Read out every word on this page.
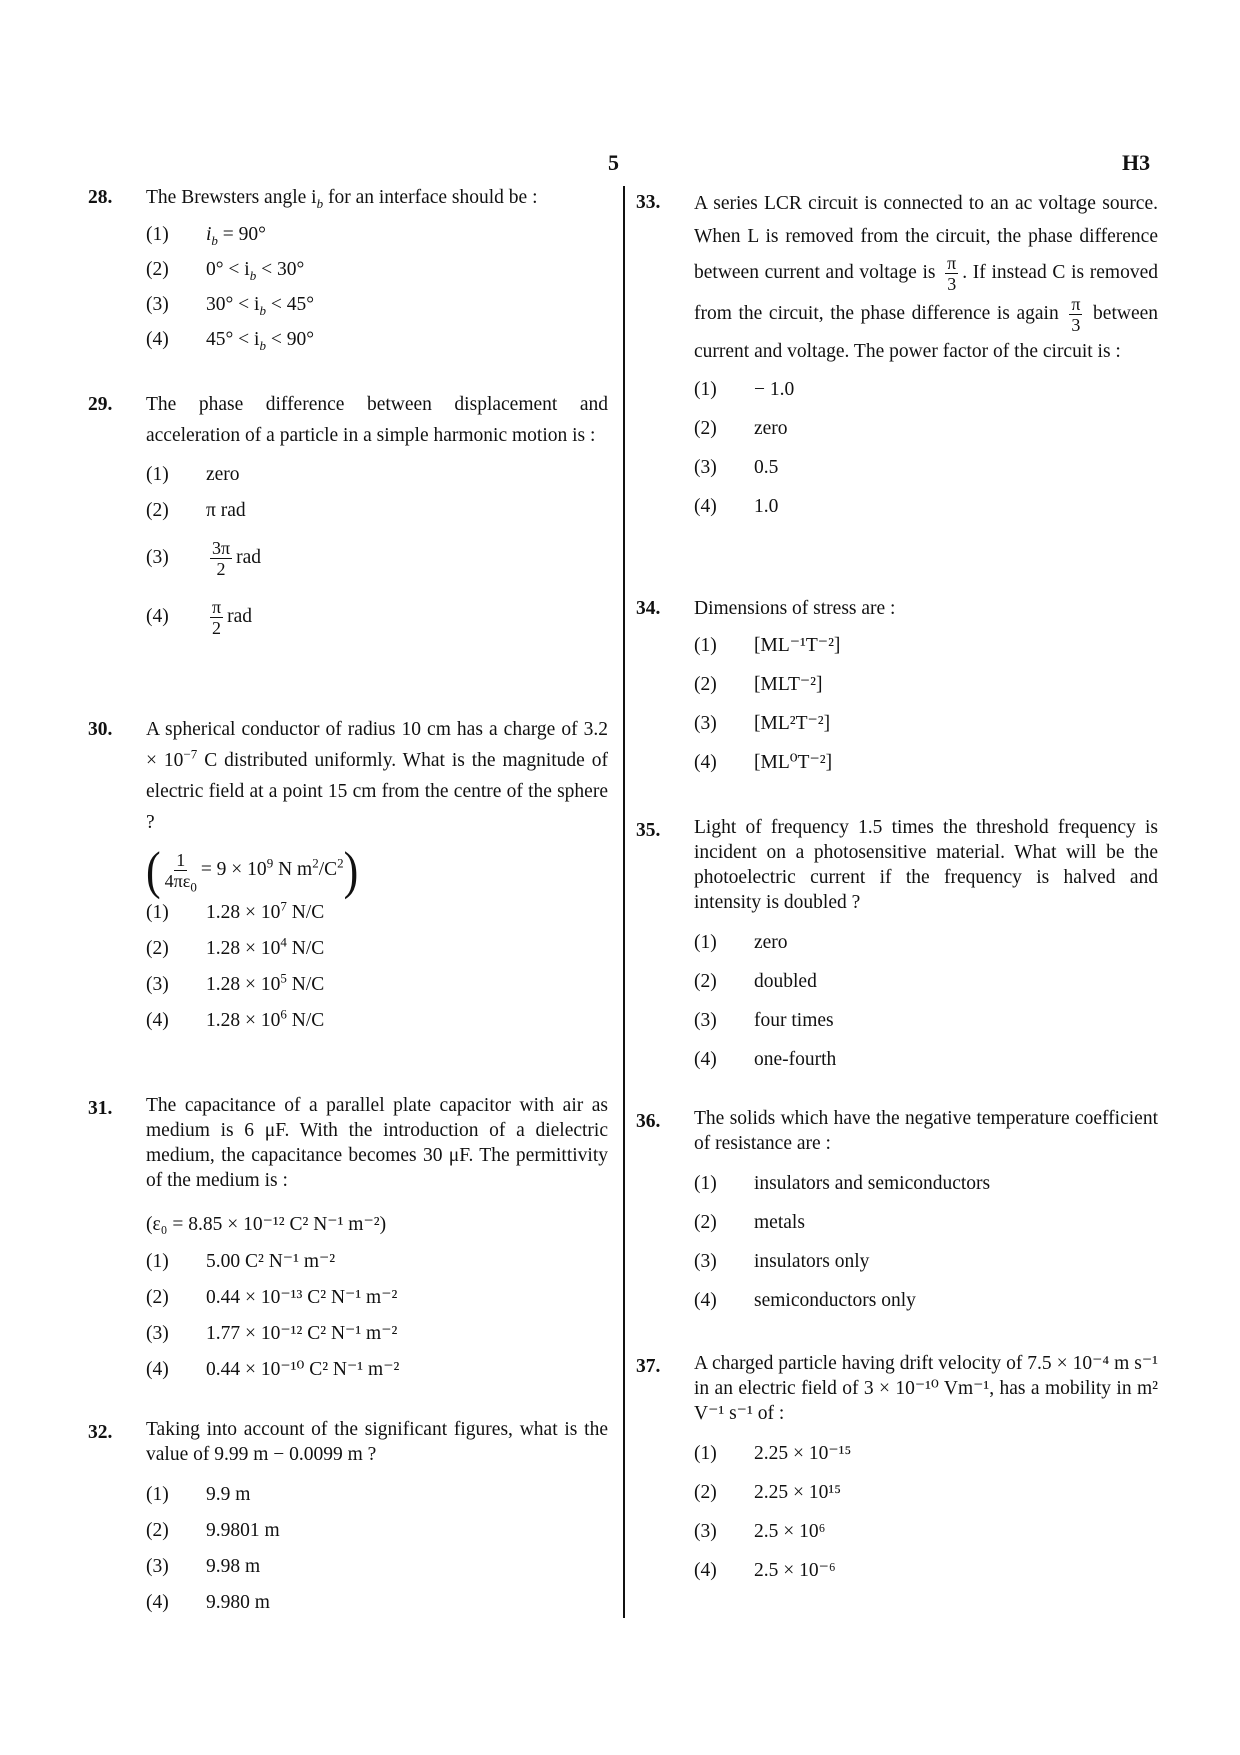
5	H3
28. The Brewsters angle $i_b$ for an interface should be :
(1) $i_b = 90^\circ$
(2) $0^\circ < i_b < 30^\circ$
(3) $30^\circ < i_b < 45^\circ$
(4) $45^\circ < i_b < 90^\circ$
29. The phase difference between displacement and acceleration of a particle in a simple harmonic motion is :
(1) zero
(2) π rad
$(3) \frac{3\pi}{2}$ rad
$(4) \frac{\pi}{2}$ rad
30. A spherical conductor of radius 10 cm has a charge of $3.2 \times 10^{-7}$ C distributed uniformly. What is the magnitude of electric field at a point 15 cm from the centre of the sphere ?
( $\frac{1}{4\pi\varepsilon_0} = 9 \times 10^9$ N $m^2/C^2$)
(1) $1.28 \times 10^7$ N/C
(2) $1.28 \times 10^4$ N/C
(3) $1.28 \times 10^5$ N/C
(4) $1.28 \times 10^6$ N/C
31. The capacitance of a parallel plate capacitor with air as medium is 6 μF. With the introduction of a dielectric medium, the capacitance becomes 30 μF. The permittivity of the medium is :
(ε₀ = 8.85 × 10⁻¹² C² N⁻¹ m⁻²)
(1) 5.00 C² N⁻¹ m⁻²
(2) 0.44 × 10⁻¹³ C² N⁻¹ m⁻²
(3) 1.77 × 10⁻¹² C² N⁻¹ m⁻²
(4) 0.44 × 10⁻¹⁰ C² N⁻¹ m⁻²
32. Taking into account of the significant figures, what is the value of 9.99 m − 0.0099 m ?
(1) 9.9 m
(2) 9.9801 m
(3) 9.98 m
(4) 9.980 m
33. A series LCR circuit is connected to an ac voltage source. When L is removed from the circuit, the phase difference between current and voltage is $\frac{\pi}{3}$ . If instead C is removed from the circuit, the phase difference is again $\frac{\pi}{3}$ between current and voltage. The power factor of the circuit is :
(1) − 1.0
(2) zero
(3) 0.5
(4) 1.0
34. Dimensions of stress are :
(1) [ML⁻¹T⁻²]
(2) [MLT⁻²]
(3) [ML²T⁻²]
(4) [ML⁰T⁻²]
35. Light of frequency 1.5 times the threshold frequency is incident on a photosensitive material. What will be the photoelectric current if the frequency is halved and intensity is doubled ?
(1) zero
(2) doubled
(3) four times
(4) one-fourth
36. The solids which have the negative temperature coefficient of resistance are :
(1) insulators and semiconductors
(2) metals
(3) insulators only
(4) semiconductors only
37. A charged particle having drift velocity of 7.5 × 10⁻⁴ m s⁻¹ in an electric field of 3 × 10⁻¹⁰ Vm⁻¹, has a mobility in m² V⁻¹ s⁻¹ of :
(1) 2.25 × 10⁻¹⁵
(2) 2.25 × 10¹⁵
(3) 2.5 × 10⁶
(4) 2.5 × 10⁻⁶
